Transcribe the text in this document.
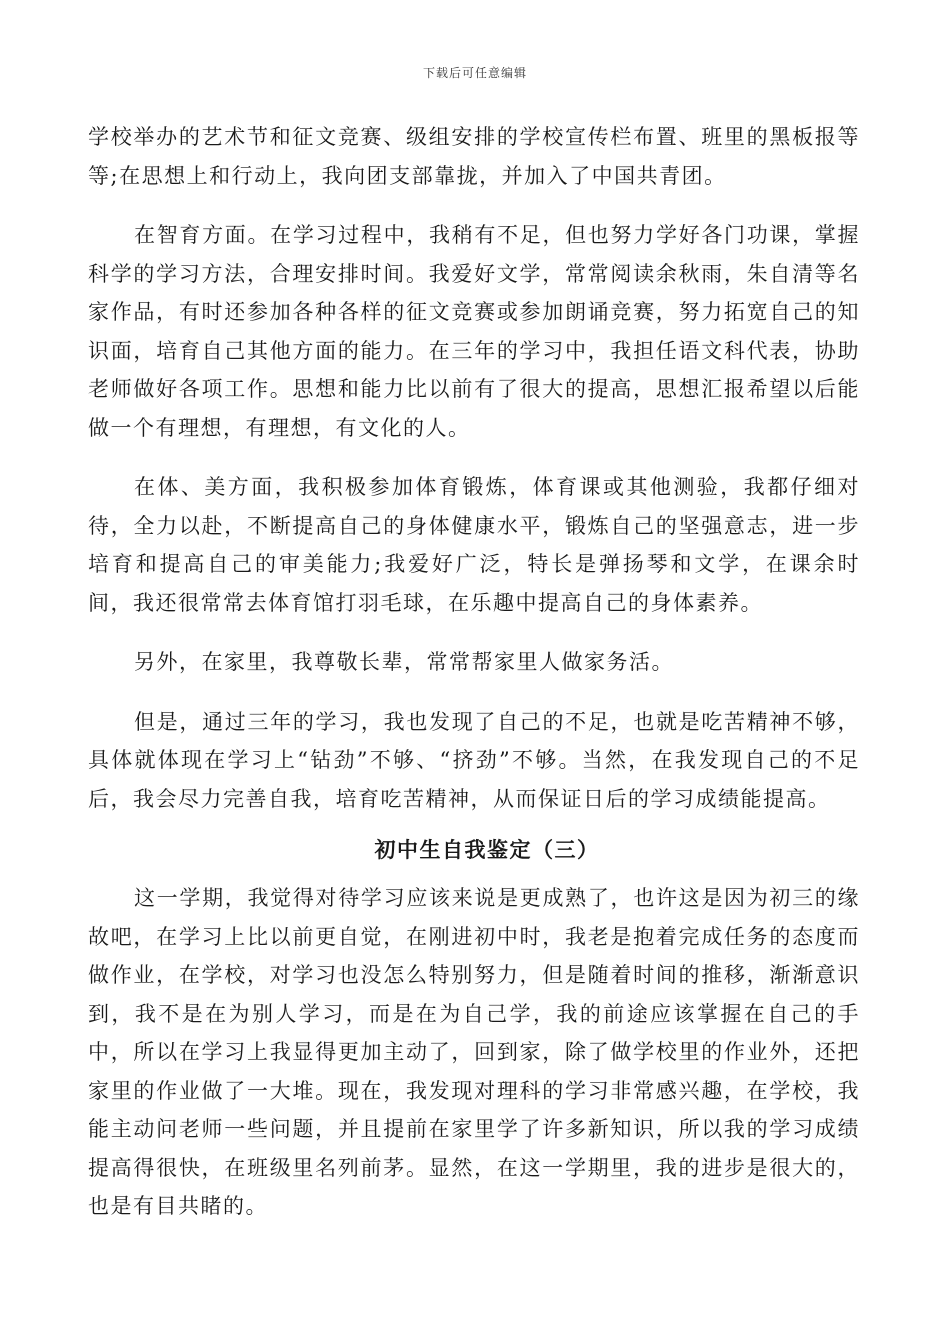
下载后可任意编辑

学校举办的艺术节和征文竞赛、级组安排的学校宣传栏布置、班里的黑板报等等;在思想上和行动上，我向团支部靠拢，并加入了中国共青团。

在智育方面。在学习过程中，我稍有不足，但也努力学好各门功课，掌握科学的学习方法，合理安排时间。我爱好文学，常常阅读余秋雨，朱自清等名家作品，有时还参加各种各样的征文竞赛或参加朗诵竞赛，努力拓宽自己的知识面，培育自己其他方面的能力。在三年的学习中，我担任语文科代表，协助老师做好各项工作。思想和能力比以前有了很大的提高，思想汇报希望以后能做一个有理想，有理想，有文化的人。

在体、美方面，我积极参加体育锻炼，体育课或其他测验，我都仔细对待，全力以赴，不断提高自己的身体健康水平，锻炼自己的坚强意志，进一步培育和提高自己的审美能力;我爱好广泛，特长是弹扬琴和文学，在课余时间，我还很常常去体育馆打羽毛球，在乐趣中提高自己的身体素养。

另外，在家里，我尊敬长辈，常常帮家里人做家务活。

但是，通过三年的学习，我也发现了自己的不足，也就是吃苦精神不够，具体就体现在学习上“钻劲”不够、“挤劲”不够。当然，在我发现自己的不足后，我会尽力完善自我，培育吃苦精神，从而保证日后的学习成绩能提高。

初中生自我鉴定（三）

这一学期，我觉得对待学习应该来说是更成熟了，也许这是因为初三的缘故吧，在学习上比以前更自觉，在刚进初中时，我老是抱着完成任务的态度而做作业，在学校，对学习也没怎么特别努力，但是随着时间的推移，渐渐意识到，我不是在为别人学习，而是在为自己学，我的前途应该掌握在自己的手中，所以在学习上我显得更加主动了，回到家，除了做学校里的作业外，还把家里的作业做了一大堆。现在，我发现对理科的学习非常感兴趣，在学校，我能主动问老师一些问题，并且提前在家里学了许多新知识，所以我的学习成绩提高得很快，在班级里名列前茅。显然，在这一学期里，我的进步是很大的，也是有目共睹的。
